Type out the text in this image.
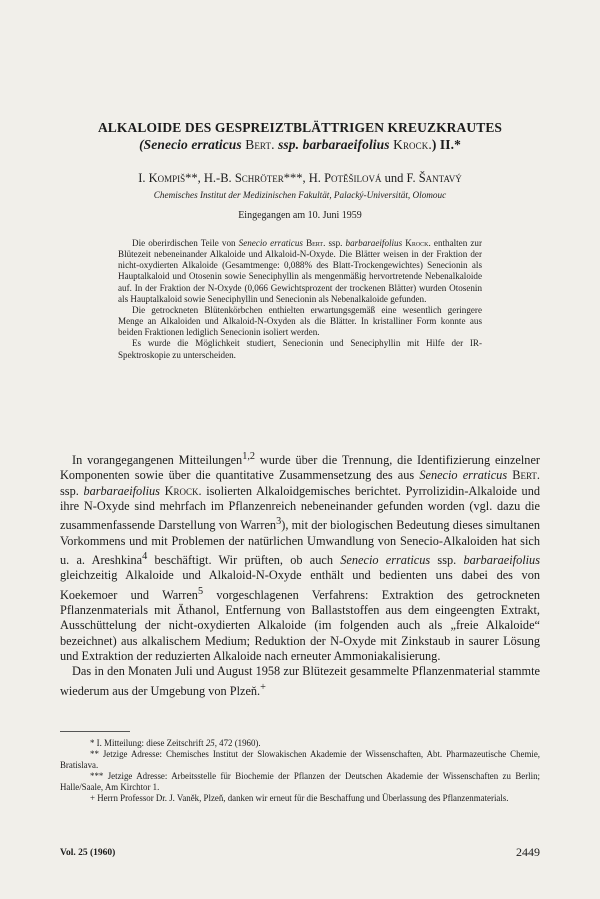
ALKALOIDE DES GESPREIZTBLÄTTRIGEN KREUZKRAUTES
(Senecio erraticus Bert. ssp. barbaraeifolius Krock.) II.*
I. Kompiš**, H.-B. Schröter***, H. Potěšilová und F. Šantavý
Chemisches Institut der Medizinischen Fakultät, Palacký-Universität, Olomouc
Eingegangen am 10. Juni 1959

Die oberirdischen Teile von Senecio erraticus Bert. ssp. barbaraeifolius Krock. enthalten zur Blütezeit nebeneinander Alkaloide und Alkaloid-N-Oxyde. Die Blätter weisen in der Fraktion der nicht-oxydierten Alkaloide (Gesamtmenge: 0,088% des Blatt-Trockengewichtes) Senecionin als Hauptalkaloid und Otosenin sowie Seneciphyllin als mengenmäßig hervortretende Nebenalkaloide auf. In der Fraktion der N-Oxyde (0,066 Gewichtsprozent der trockenen Blätter) wurden Otosenin als Hauptalkaloid sowie Seneciphyllin und Senecionin als Nebenalkaloide gefunden.

Die getrockneten Blütenkörbchen enthielten erwartungsgemäß eine wesentlich geringere Menge an Alkaloiden und Alkaloid-N-Oxyden als die Blätter. In kristalliner Form konnte aus beiden Fraktionen lediglich Senecionin isoliert werden.

Es wurde die Möglichkeit studiert, Senecionin und Seneciphyllin mit Hilfe der IR-Spektroskopie zu unterscheiden.

In vorangegangenen Mitteilungen$^{1,2}$ wurde über die Trennung, die Identifizierung einzelner Komponenten sowie über die quantitative Zusammensetzung des aus Senecio erraticus Bert. ssp. barbaraeifolius Krock. isolierten Alkaloidgemisches berichtet. Pyrrolizidin-Alkaloide und ihre N-Oxyde sind mehrfach im Pflanzenreich nebeneinander gefunden worden (vgl. dazu die zusammenfassende Darstellung von Warren$^3$), mit der biologischen Bedeutung dieses simultanen Vorkommens und mit Problemen der natürlichen Umwandlung von Senecio-Alkaloiden hat sich u. a. Areshkina$^4$ beschäftigt. Wir prüften, ob auch Senecio erraticus ssp. barbaraeifolius gleichzeitig Alkaloide und Alkaloid-N-Oxyde enthält und bedienten uns dabei des von Koekemoer und Warren$^5$ vorgeschlagenen Verfahrens: Extraktion des getrockneten Pflanzenmaterials mit Äthanol, Entfernung von Ballaststoffen aus dem eingeengten Extrakt, Ausschüttelung der nicht-oxydierten Alkaloide (im folgenden auch als „freie Alkaloide“ bezeichnet) aus alkalischem Medium; Reduktion der N-Oxyde mit Zinkstaub in saurer Lösung und Extraktion der reduzierten Alkaloide nach erneuter Ammoniakalisierung.

Das in den Monaten Juli und August 1958 zur Blütezeit gesammelte Pflanzenmaterial stammte wiederum aus der Umgebung von Plzeň.+

* I. Mitteilung: diese Zeitschrift 25, 472 (1960).

** Jetzige Adresse: Chemisches Institut der Slowakischen Akademie der Wissenschaften, Abt. Pharmazeutische Chemie, Bratislava.

*** Jetzige Adresse: Arbeitsstelle für Biochemie der Pflanzen der Deutschen Akademie der Wissenschaften zu Berlin; Halle/Saale, Am Kirchtor 1.

+ Herrn Professor Dr. J. Vaněk, Plzeň, danken wir erneut für die Beschaffung und Überlassung des Pflanzenmaterials.

Vol. 25 (1960)	2449
